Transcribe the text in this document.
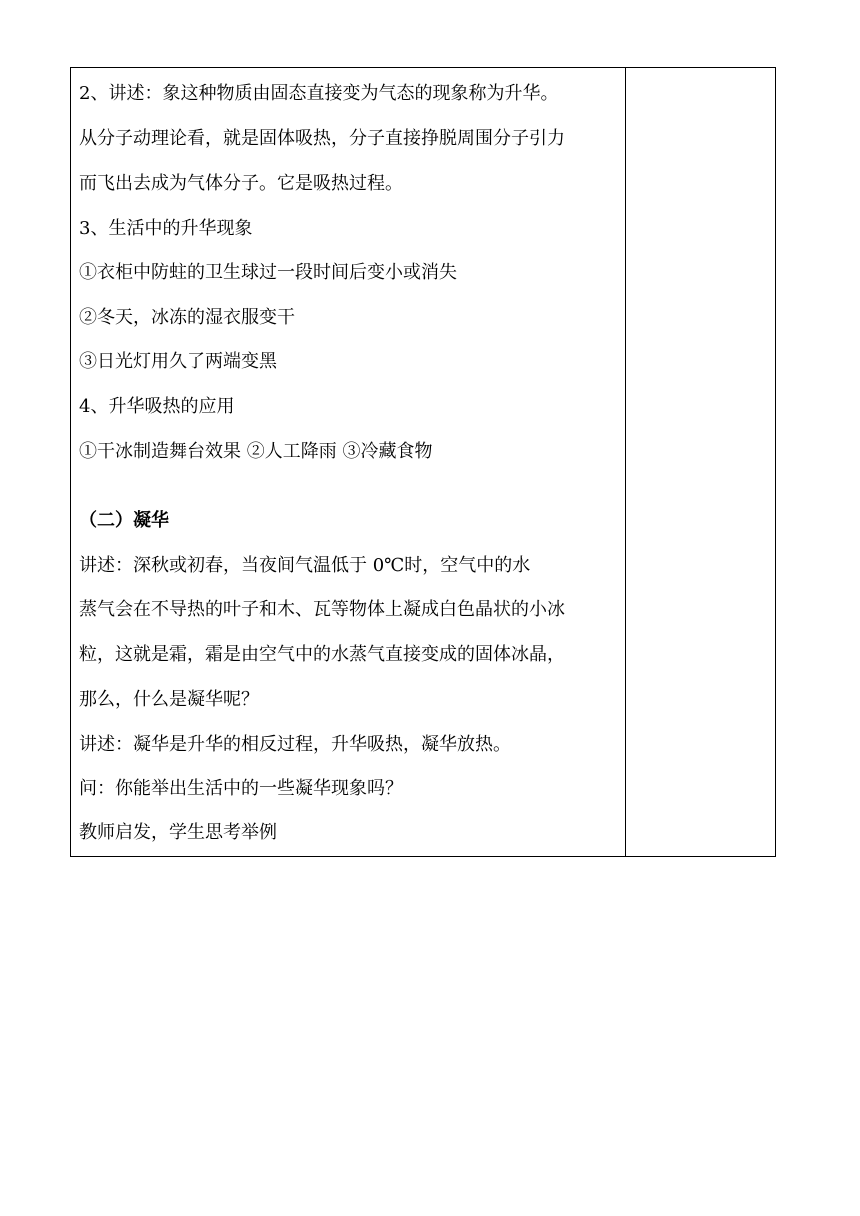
2、讲述：象这种物质由固态直接变为气态的现象称为升华。
从分子动理论看，就是固体吸热，分子直接挣脱周围分子引力
而飞出去成为气体分子。它是吸热过程。
3、生活中的升华现象
①衣柜中防蛀的卫生球过一段时间后变小或消失
②冬天，冰冻的湿衣服变干
③日光灯用久了两端变黑
4、升华吸热的应用
①干冰制造舞台效果 ②人工降雨 ③冷藏食物
（二）凝华
讲述：深秋或初春，当夜间气温低于 0℃时，空气中的水
蒸气会在不导热的叶子和木、瓦等物体上凝成白色晶状的小冰
粒，这就是霜，霜是由空气中的水蒸气直接变成的固体冰晶，
那么，什么是凝华呢？
讲述：凝华是升华的相反过程，升华吸热，凝华放热。
问：你能举出生活中的一些凝华现象吗？
教师启发，学生思考举例
